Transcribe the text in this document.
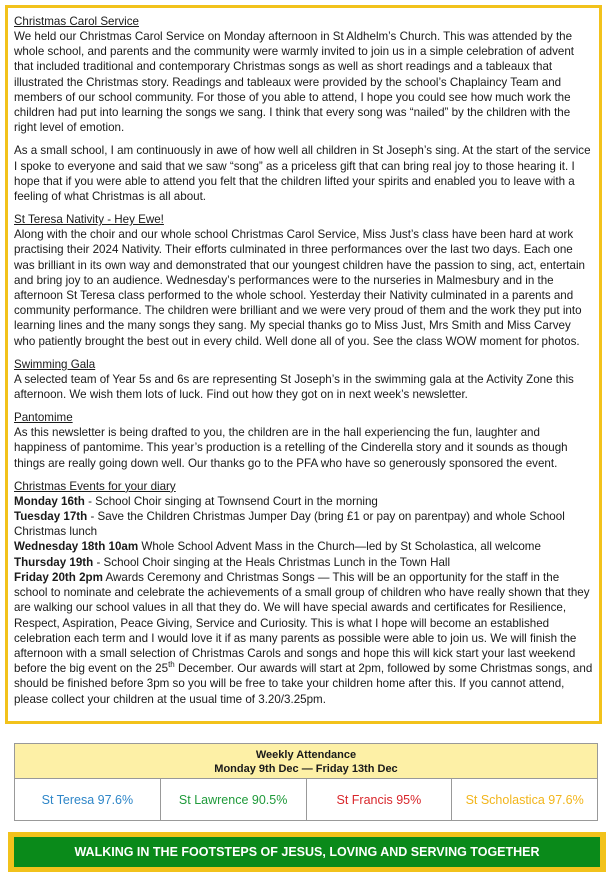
Christmas Carol Service

We held our Christmas Carol Service on Monday afternoon in St Aldhelm’s Church. This was attended by the whole school, and parents and the community were warmly invited to join us in a simple celebration of advent that included traditional and contemporary Christmas songs as well as short readings and a tableaux that illustrated the Christmas story. Readings and tableaux were provided by the school’s Chaplaincy Team and members of our school community. For those of you able to attend, I hope you could see how much work the children had put into learning the songs we sang. I think that every song was “nailed” by the children with the right level of emotion.

As a small school, I am continuously in awe of how well all children in St Joseph’s sing. At the start of the service I spoke to everyone and said that we saw “song” as a priceless gift that can bring real joy to those hearing it. I hope that if you were able to attend you felt that the children lifted your spirits and enabled you to leave with a feeling of what Christmas is all about.

St Teresa Nativity - Hey Ewe!

Along with the choir and our whole school Christmas Carol Service, Miss Just’s class have been hard at work practising their 2024 Nativity. Their efforts culminated in three performances over the last two days. Each one was brilliant in its own way and demonstrated that our youngest children have the passion to sing, act, entertain and bring joy to an audience. Wednesday’s performances were to the nurseries in Malmesbury and in the afternoon St Teresa class performed to the whole school. Yesterday their Nativity culminated in a parents and community performance. The children were brilliant and we were very proud of them and the work they put into learning lines and the many songs they sang. My special thanks go to Miss Just, Mrs Smith and Miss Carvey who patiently brought the best out in every child. Well done all of you. See the class WOW moment for photos.

Swimming Gala

A selected team of Year 5s and 6s are representing St Joseph’s in the swimming gala at the Activity Zone this afternoon. We wish them lots of luck. Find out how they got on in next week’s newsletter.

Pantomime

As this newsletter is being drafted to you, the children are in the hall experiencing the fun, laughter and happiness of pantomime. This year’s production is a retelling of the Cinderella story and it sounds as though things are really going down well. Our thanks go to the PFA who have so generously sponsored the event.

Christmas Events for your diary

Monday 16th - School Choir singing at Townsend Court in the morning

Tuesday 17th - Save the Children Christmas Jumper Day (bring £1 or pay on parentpay) and whole School Christmas lunch

Wednesday 18th 10am Whole School Advent Mass in the Church—led by St Scholastica, all welcome

Thursday 19th - School Choir singing at the Heals Christmas Lunch in the Town Hall

Friday 20th 2pm Awards Ceremony and Christmas Songs — This will be an opportunity for the staff in the school to nominate and celebrate the achievements of a small group of children who have really shown that they are walking our school values in all that they do. We will have special awards and certificates for Resilience, Respect, Aspiration, Peace Giving, Service and Curiosity. This is what I hope will become an established celebration each term and I would love it if as many parents as possible were able to join us. We will finish the afternoon with a small selection of Christmas Carols and songs and hope this will kick start your last weekend before the big event on the 25th December. Our awards will start at 2pm, followed by some Christmas songs, and should be finished before 3pm so you will be free to take your children home after this. If you cannot attend, please collect your children at the usual time of 3.20/3.25pm.

Weekly Attendance
Monday 9th Dec — Friday 13th Dec
St Teresa 97.6%	St Lawrence 90.5%	St Francis 95%	St Scholastica 97.6%
WALKING IN THE FOOTSTEPS OF JESUS, LOVING AND SERVING TOGETHER
